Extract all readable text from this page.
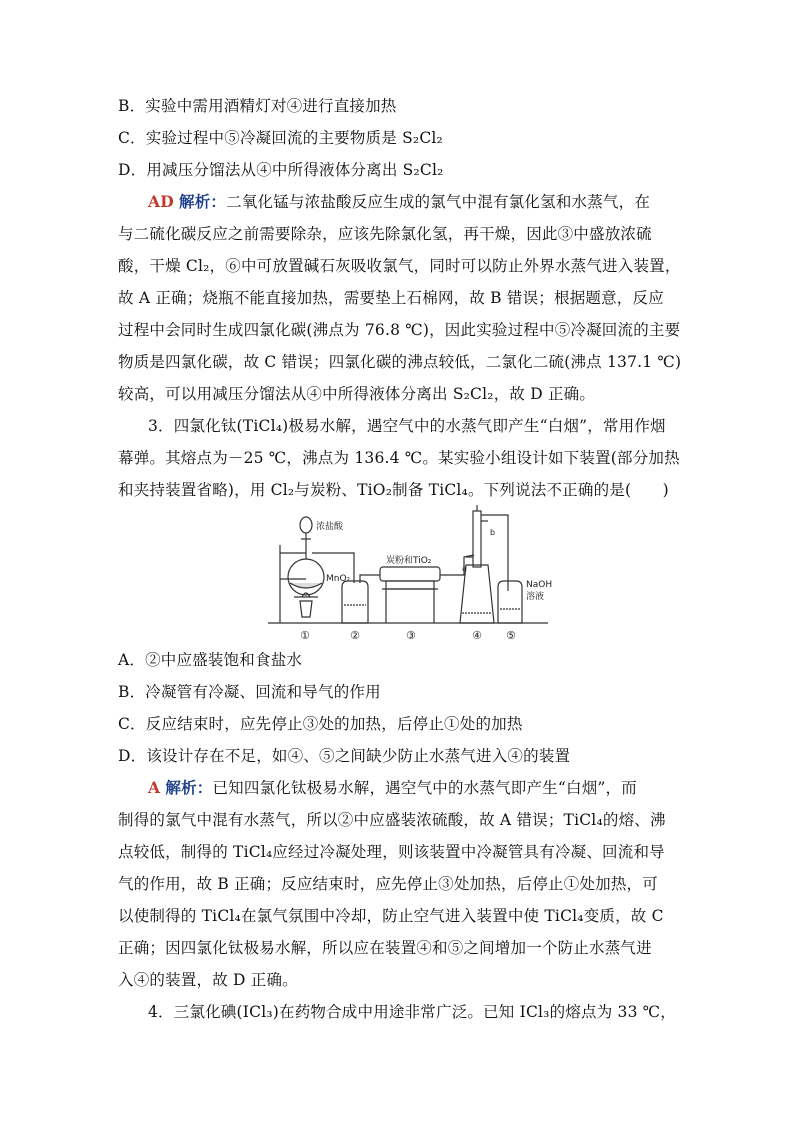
B．实验中需用酒精灯对④进行直接加热
C．实验过程中⑤冷凝回流的主要物质是 S₂Cl₂
D．用减压分馏法从④中所得液体分离出 S₂Cl₂
AD 解析：二氧化锰与浓盐酸反应生成的氯气中混有氯化氢和水蒸气，在
与二硫化碳反应之前需要除杂，应该先除氯化氢，再干燥，因此③中盛放浓硫
酸，干燥 Cl₂，⑥中可放置碱石灰吸收氯气，同时可以防止外界水蒸气进入装置，
故 A 正确；烧瓶不能直接加热，需要垫上石棉网，故 B 错误；根据题意，反应
过程中会同时生成四氯化碳(沸点为 76.8 ℃)，因此实验过程中⑤冷凝回流的主要
物质是四氯化碳，故 C 错误；四氯化碳的沸点较低，二氯化二硫(沸点 137.1 ℃)
较高，可以用减压分馏法从④中所得液体分离出 S₂Cl₂，故 D 正确。
3．四氯化钛(TiCl₄)极易水解，遇空气中的水蒸气即产生“白烟”，常用作烟
幕弹。其熔点为－25 ℃，沸点为 136.4 ℃。某实验小组设计如下装置(部分加热
和夹持装置省略)，用 Cl₂与炭粉、TiO₂制备 TiCl₄。下列说法不正确的是(　　)
浓盐酸
MnO₂
炭粉和TiO₂
a
b
NaOH
溶液
①	②	③	④ ⑤
A．②中应盛装饱和食盐水
B．冷凝管有冷凝、回流和导气的作用
C．反应结束时，应先停止③处的加热，后停止①处的加热
D．该设计存在不足，如④、⑤之间缺少防止水蒸气进入④的装置
A 解析：已知四氯化钛极易水解，遇空气中的水蒸气即产生“白烟”，而
制得的氯气中混有水蒸气，所以②中应盛装浓硫酸，故 A 错误；TiCl₄的熔、沸
点较低，制得的 TiCl₄应经过冷凝处理，则该装置中冷凝管具有冷凝、回流和导
气的作用，故 B 正确；反应结束时，应先停止③处加热，后停止①处加热，可
以使制得的 TiCl₄在氯气氛围中冷却，防止空气进入装置中使 TiCl₄变质，故 C
正确；因四氯化钛极易水解，所以应在装置④和⑤之间增加一个防止水蒸气进
入④的装置，故 D 正确。
4．三氯化碘(ICl₃)在药物合成中用途非常广泛。已知 ICl₃的熔点为 33 ℃，
